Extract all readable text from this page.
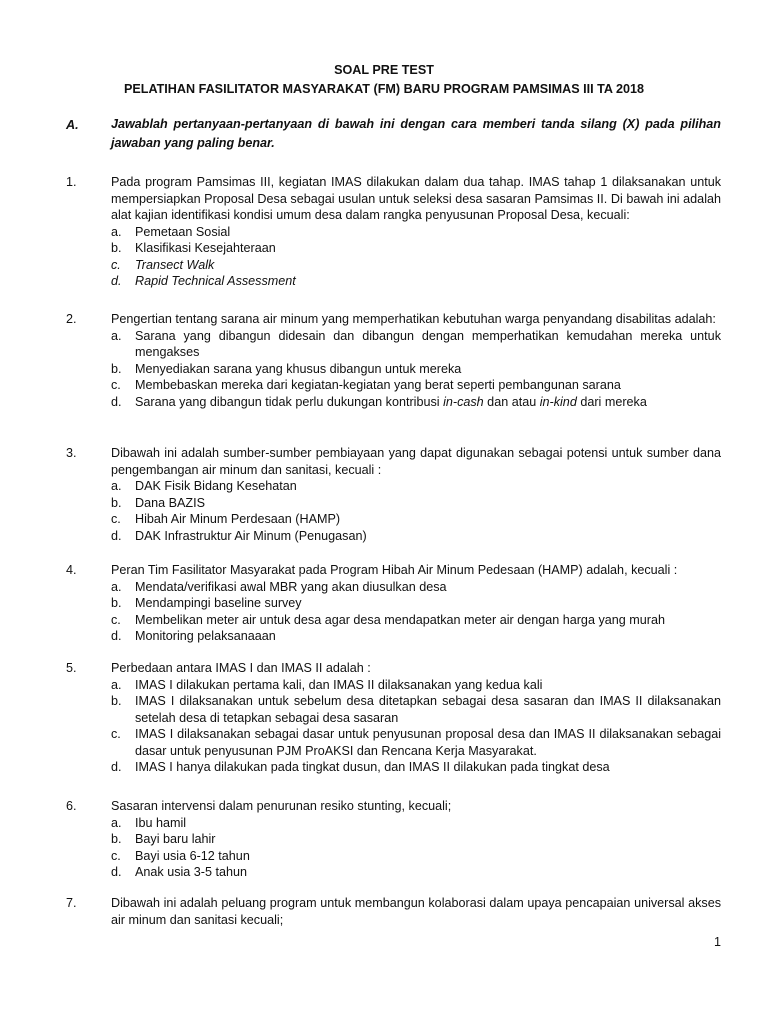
SOAL PRE TEST
PELATIHAN FASILITATOR MASYARAKAT (FM) BARU PROGRAM PAMSIMAS III TA 2018
A.	Jawablah pertanyaan-pertanyaan di bawah ini dengan cara memberi tanda silang (X) pada pilihan jawaban yang paling benar.
1.	Pada program Pamsimas III, kegiatan IMAS dilakukan dalam dua tahap. IMAS tahap 1 dilaksanakan untuk mempersiapkan Proposal Desa sebagai usulan untuk seleksi desa sasaran Pamsimas II. Di bawah ini adalah alat kajian identifikasi kondisi umum desa dalam rangka penyusunan Proposal Desa, kecuali:
a.	Pemetaan Sosial
b.	Klasifikasi Kesejahteraan
c.	Transect Walk
d.	Rapid Technical Assessment
2.	Pengertian tentang sarana air minum yang memperhatikan kebutuhan warga penyandang disabilitas adalah:
a.	Sarana yang dibangun didesain dan dibangun dengan memperhatikan kemudahan mereka untuk mengakses
b.	Menyediakan sarana yang khusus dibangun untuk mereka
c.	Membebaskan mereka dari kegiatan-kegiatan yang berat seperti pembangunan sarana
d.	Sarana yang dibangun tidak perlu dukungan kontribusi in-cash dan atau in-kind dari mereka
3.	Dibawah ini adalah sumber-sumber pembiayaan yang dapat digunakan sebagai potensi untuk sumber dana pengembangan air minum dan sanitasi, kecuali :
a.	DAK Fisik Bidang Kesehatan
b.	Dana BAZIS
c.	Hibah Air Minum Perdesaan (HAMP)
d.	DAK Infrastruktur Air Minum (Penugasan)
4.	Peran Tim Fasilitator Masyarakat pada Program Hibah Air Minum Pedesaan (HAMP) adalah, kecuali :
a.	Mendata/verifikasi awal MBR yang akan diusulkan desa
b.	Mendampingi baseline survey
c.	Membelikan meter air untuk desa agar desa mendapatkan meter air dengan harga yang murah
d.	Monitoring pelaksanaaan
5.	Perbedaan antara IMAS I dan IMAS II adalah :
a.	IMAS I dilakukan pertama kali, dan IMAS II dilaksanakan yang kedua kali
b.	IMAS I dilaksanakan untuk sebelum desa ditetapkan sebagai desa sasaran dan IMAS II dilaksanakan setelah desa di tetapkan sebagai desa sasaran
c.	IMAS I dilaksanakan sebagai dasar untuk penyusunan proposal desa dan IMAS II dilaksanakan sebagai dasar untuk penyusunan PJM ProAKSI dan Rencana Kerja Masyarakat.
d.	IMAS I hanya dilakukan pada tingkat dusun, dan IMAS II dilakukan pada tingkat desa
6.	Sasaran intervensi dalam penurunan resiko stunting, kecuali;
a.	Ibu hamil
b.	Bayi baru lahir
c.	Bayi usia 6-12 tahun
d.	Anak usia 3-5 tahun
7.	Dibawah ini adalah peluang program untuk membangun kolaborasi dalam upaya pencapaian universal akses air minum dan sanitasi kecuali;
1
